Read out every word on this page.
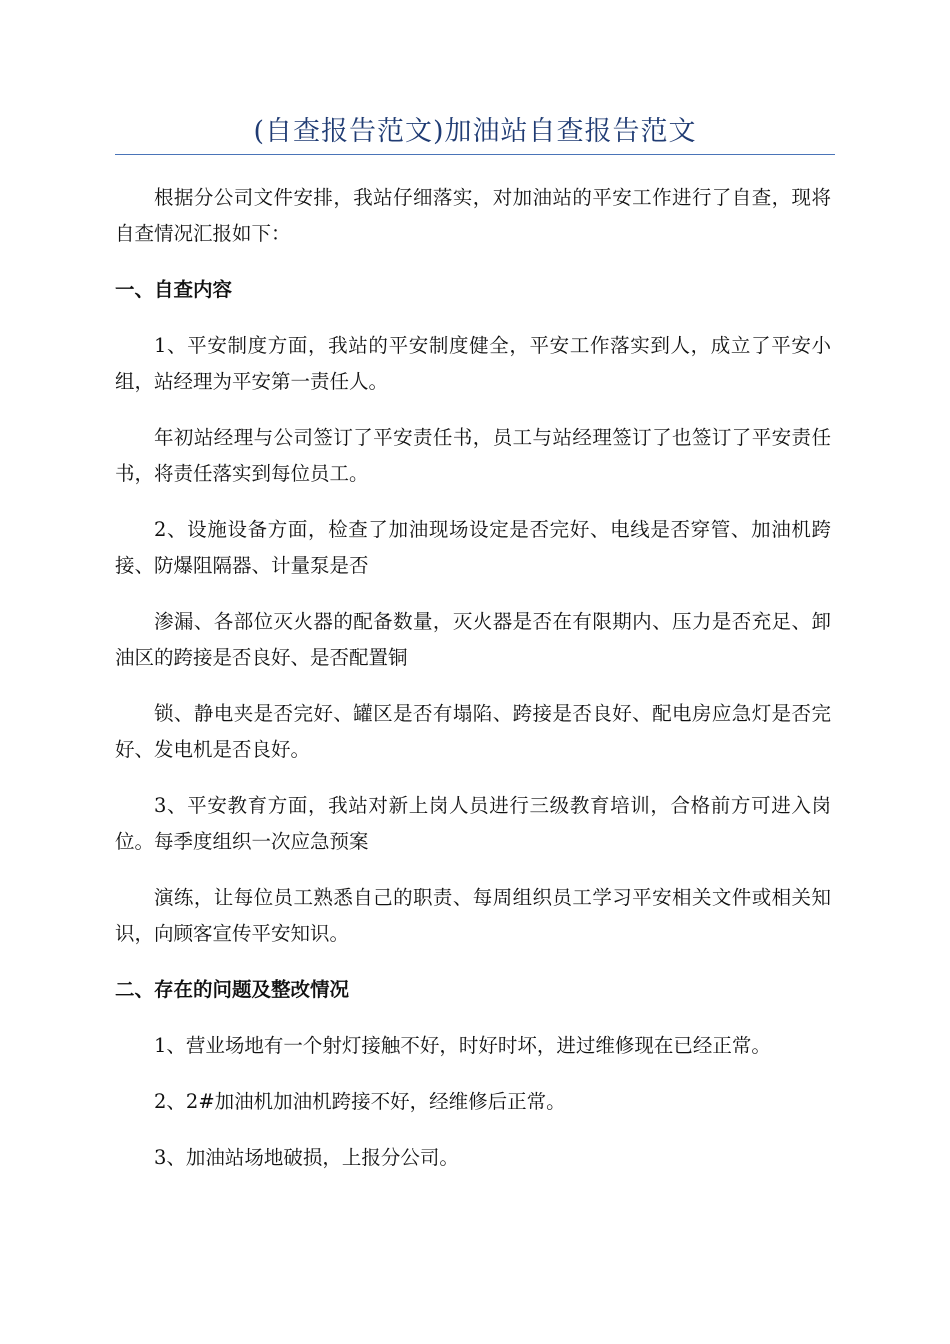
(自查报告范文)加油站自查报告范文

根据分公司文件安排，我站仔细落实，对加油站的平安工作进行了自查，现将自查情况汇报如下：

一、自查内容

1、平安制度方面，我站的平安制度健全，平安工作落实到人，成立了平安小组，站经理为平安第一责任人。

年初站经理与公司签订了平安责任书，员工与站经理签订了也签订了平安责任书，将责任落实到每位员工。

2、设施设备方面，检查了加油现场设定是否完好、电线是否穿管、加油机跨接、防爆阻隔器、计量泵是否

渗漏、各部位灭火器的配备数量，灭火器是否在有限期内、压力是否充足、卸油区的跨接是否良好、是否配置铜

锁、静电夹是否完好、罐区是否有塌陷、跨接是否良好、配电房应急灯是否完好、发电机是否良好。

3、平安教育方面，我站对新上岗人员进行三级教育培训，合格前方可进入岗位。每季度组织一次应急预案

演练，让每位员工熟悉自己的职责、每周组织员工学习平安相关文件或相关知识，向顾客宣传平安知识。

二、存在的问题及整改情况

1、营业场地有一个射灯接触不好，时好时坏，进过维修现在已经正常。

2、2#加油机加油机跨接不好，经维修后正常。

3、加油站场地破损，上报分公司。
